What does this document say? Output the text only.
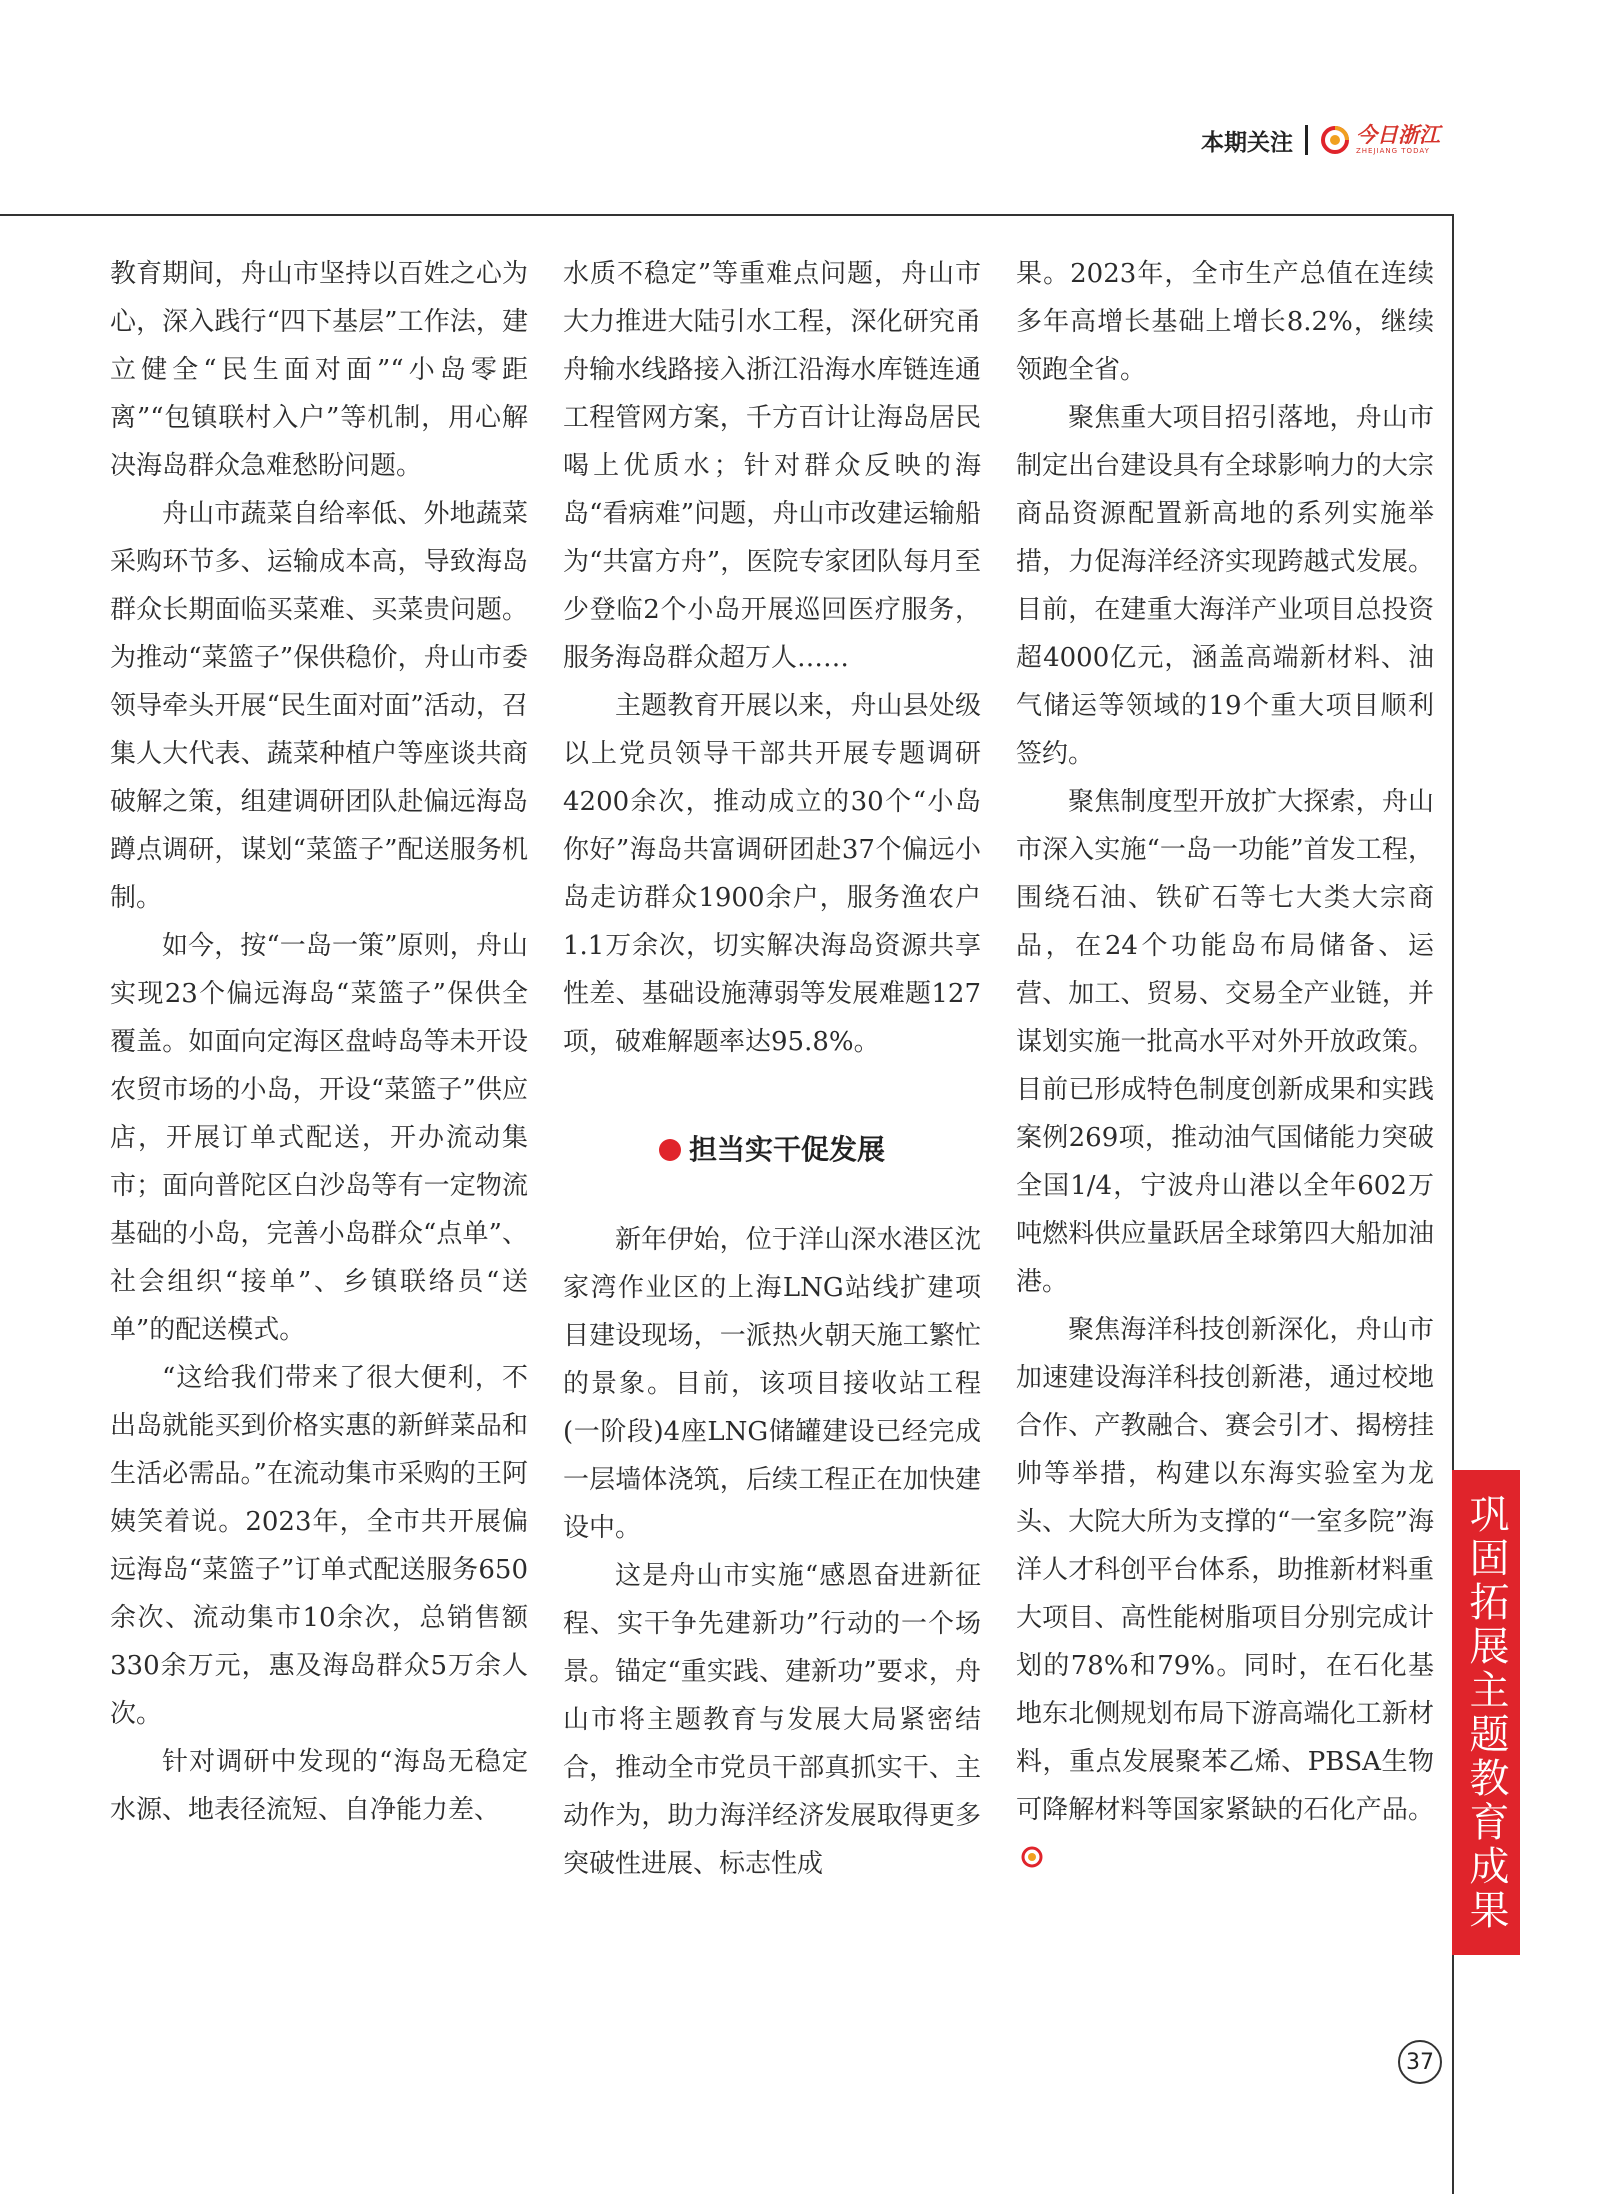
本期关注	今日浙江
ZHEJIANG TODAY

教育期间，舟山市坚持以百姓之心为心，深入践行“四下基层”工作法，建立健全“民生面对面”“小岛零距离”“包镇联村入户”等机制，用心解决海岛群众急难愁盼问题。

舟山市蔬菜自给率低、外地蔬菜采购环节多、运输成本高，导致海岛群众长期面临买菜难、买菜贵问题。为推动“菜篮子”保供稳价，舟山市委领导牵头开展“民生面对面”活动，召集人大代表、蔬菜种植户等座谈共商破解之策，组建调研团队赴偏远海岛蹲点调研，谋划“菜篮子”配送服务机制。

如今，按“一岛一策”原则，舟山实现23个偏远海岛“菜篮子”保供全覆盖。如面向定海区盘峙岛等未开设农贸市场的小岛，开设“菜篮子”供应店，开展订单式配送，开办流动集市；面向普陀区白沙岛等有一定物流基础的小岛，完善小岛群众“点单”、社会组织“接单”、乡镇联络员“送单”的配送模式。

“这给我们带来了很大便利，不出岛就能买到价格实惠的新鲜菜品和生活必需品。”在流动集市采购的王阿姨笑着说。2023年，全市共开展偏远海岛“菜篮子”订单式配送服务650余次、流动集市10余次，总销售额330余万元，惠及海岛群众5万余人次。

针对调研中发现的“海岛无稳定水源、地表径流短、自净能力差、

水质不稳定”等重难点问题，舟山市大力推进大陆引水工程，深化研究甬舟输水线路接入浙江沿海水库链连通工程管网方案，千方百计让海岛居民喝上优质水；针对群众反映的海岛“看病难”问题，舟山市改建运输船为“共富方舟”，医院专家团队每月至少登临2个小岛开展巡回医疗服务，服务海岛群众超万人……

主题教育开展以来，舟山县处级以上党员领导干部共开展专题调研4200余次，推动成立的30个“小岛你好”海岛共富调研团赴37个偏远小岛走访群众1900余户，服务渔农户1.1万余次，切实解决海岛资源共享性差、基础设施薄弱等发展难题127项，破难解题率达95.8%。

担当实干促发展

新年伊始，位于洋山深水港区沈家湾作业区的上海LNG站线扩建项目建设现场，一派热火朝天施工繁忙的景象。目前，该项目接收站工程(一阶段)4座LNG储罐建设已经完成一层墙体浇筑，后续工程正在加快建设中。

这是舟山市实施“感恩奋进新征程、实干争先建新功”行动的一个场景。锚定“重实践、建新功”要求，舟山市将主题教育与发展大局紧密结合，推动全市党员干部真抓实干、主动作为，助力海洋经济发展取得更多突破性进展、标志性成

果。2023年，全市生产总值在连续多年高增长基础上增长8.2%，继续领跑全省。

聚焦重大项目招引落地，舟山市制定出台建设具有全球影响力的大宗商品资源配置新高地的系列实施举措，力促海洋经济实现跨越式发展。目前，在建重大海洋产业项目总投资超4000亿元，涵盖高端新材料、油气储运等领域的19个重大项目顺利签约。

聚焦制度型开放扩大探索，舟山市深入实施“一岛一功能”首发工程，围绕石油、铁矿石等七大类大宗商品，在24个功能岛布局储备、运营、加工、贸易、交易全产业链，并谋划实施一批高水平对外开放政策。目前已形成特色制度创新成果和实践案例269项，推动油气国储能力突破全国1/4，宁波舟山港以全年602万吨燃料供应量跃居全球第四大船加油港。

聚焦海洋科技创新深化，舟山市加速建设海洋科技创新港，通过校地合作、产教融合、赛会引才、揭榜挂帅等举措，构建以东海实验室为龙头、大院大所为支撑的“一室多院”海洋人才科创平台体系，助推新材料重大项目、高性能树脂项目分别完成计划的78%和79%。同时，在石化基地东北侧规划布局下游高端化工新材料，重点发展聚苯乙烯、PBSA生物可降解材料等国家紧缺的石化产品。 巩固拓展主题教育成果
37
